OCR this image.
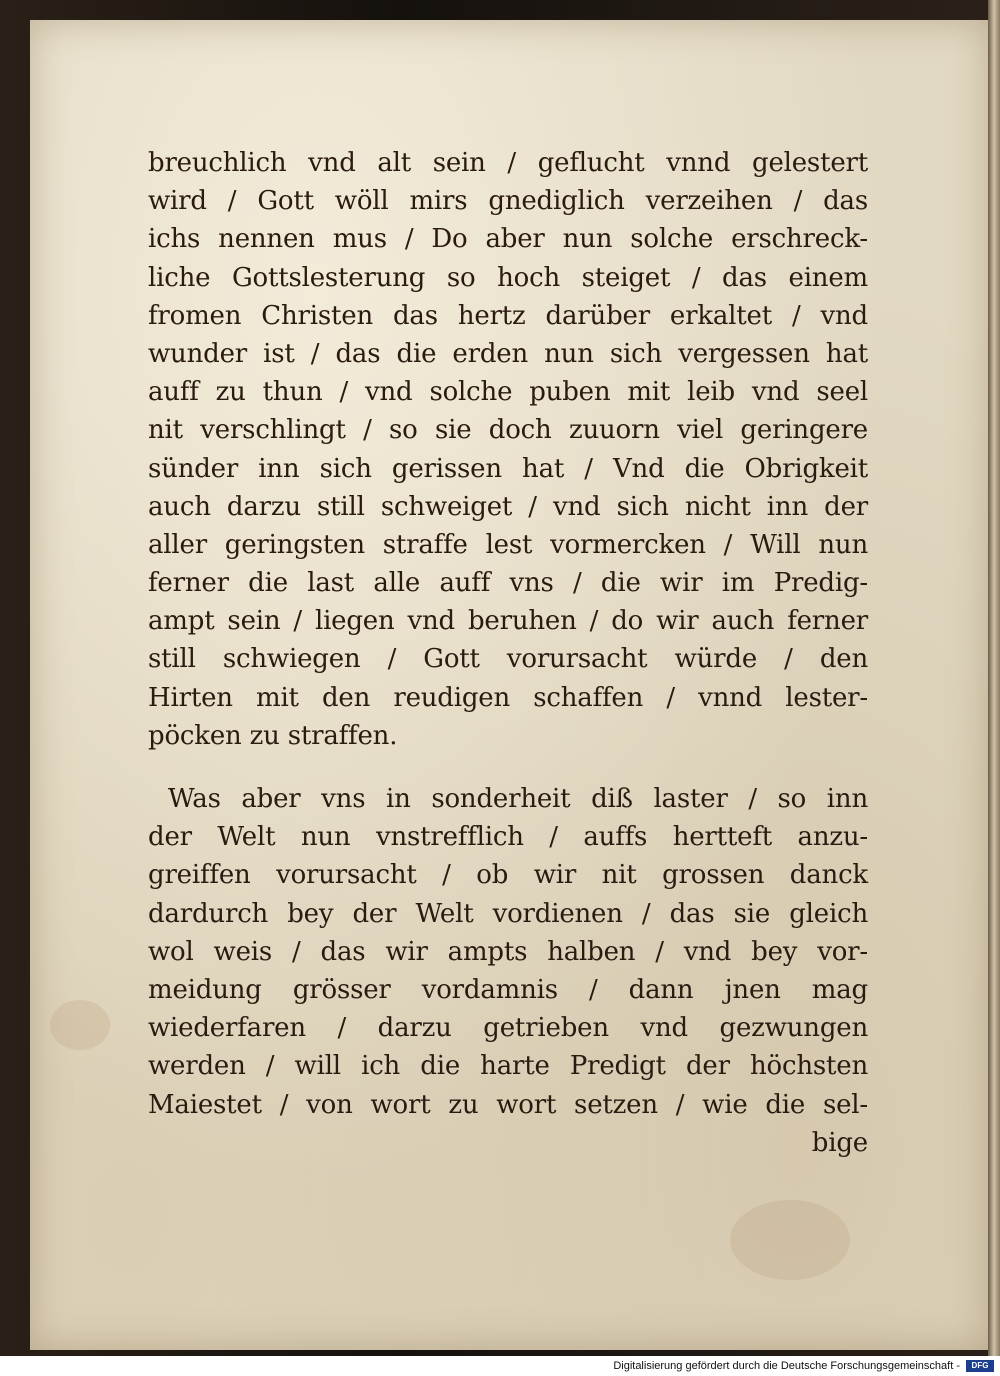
breuchlich vnd alt sein / geflucht vnnd gelestert
wird / Gott wöll mirs gnediglich verzeihen / das
ichs nennen mus / Do aber nun solche erschreck-
liche Gottslesterung so hoch steiget / das einem
fromen Christen das hertz darüber erkaltet / vnd
wunder ist / das die erden nun sich vergessen hat
auff zu thun / vnd solche puben mit leib vnd seel
nit verschlingt / so sie doch zuuorn viel geringere
sünder inn sich gerissen hat / Vnd die Obrigkeit
auch darzu still schweiget / vnd sich nicht inn der
aller geringsten straffe lest vormercken / Will nun
ferner die last alle auff vns / die wir im Predig-
ampt sein / liegen vnd beruhen / do wir auch ferner
still schwiegen / Gott vorursacht würde / den
Hirten mit den reudigen schaffen / vnnd lester-
pöcken zu straffen.
Was aber vns in sonderheit diß laster / so inn
der Welt nun vnstrefflich / auffs hertteft anzu-
greiffen vorursacht / ob wir nit grossen danck
dardurch bey der Welt vordienen / das sie gleich
wol weis / das wir ampts halben / vnd bey vor-
meidung grösser vordamnis / dann jnen mag
wiederfaren / darzu getrieben vnd gezwungen
werden / will ich die harte Predigt der höchsten
Maiestet / von wort zu wort setzen / wie die sel-
bige
Digitalisierung gefördert durch die Deutsche Forschungsgemeinschaft -	DFG
